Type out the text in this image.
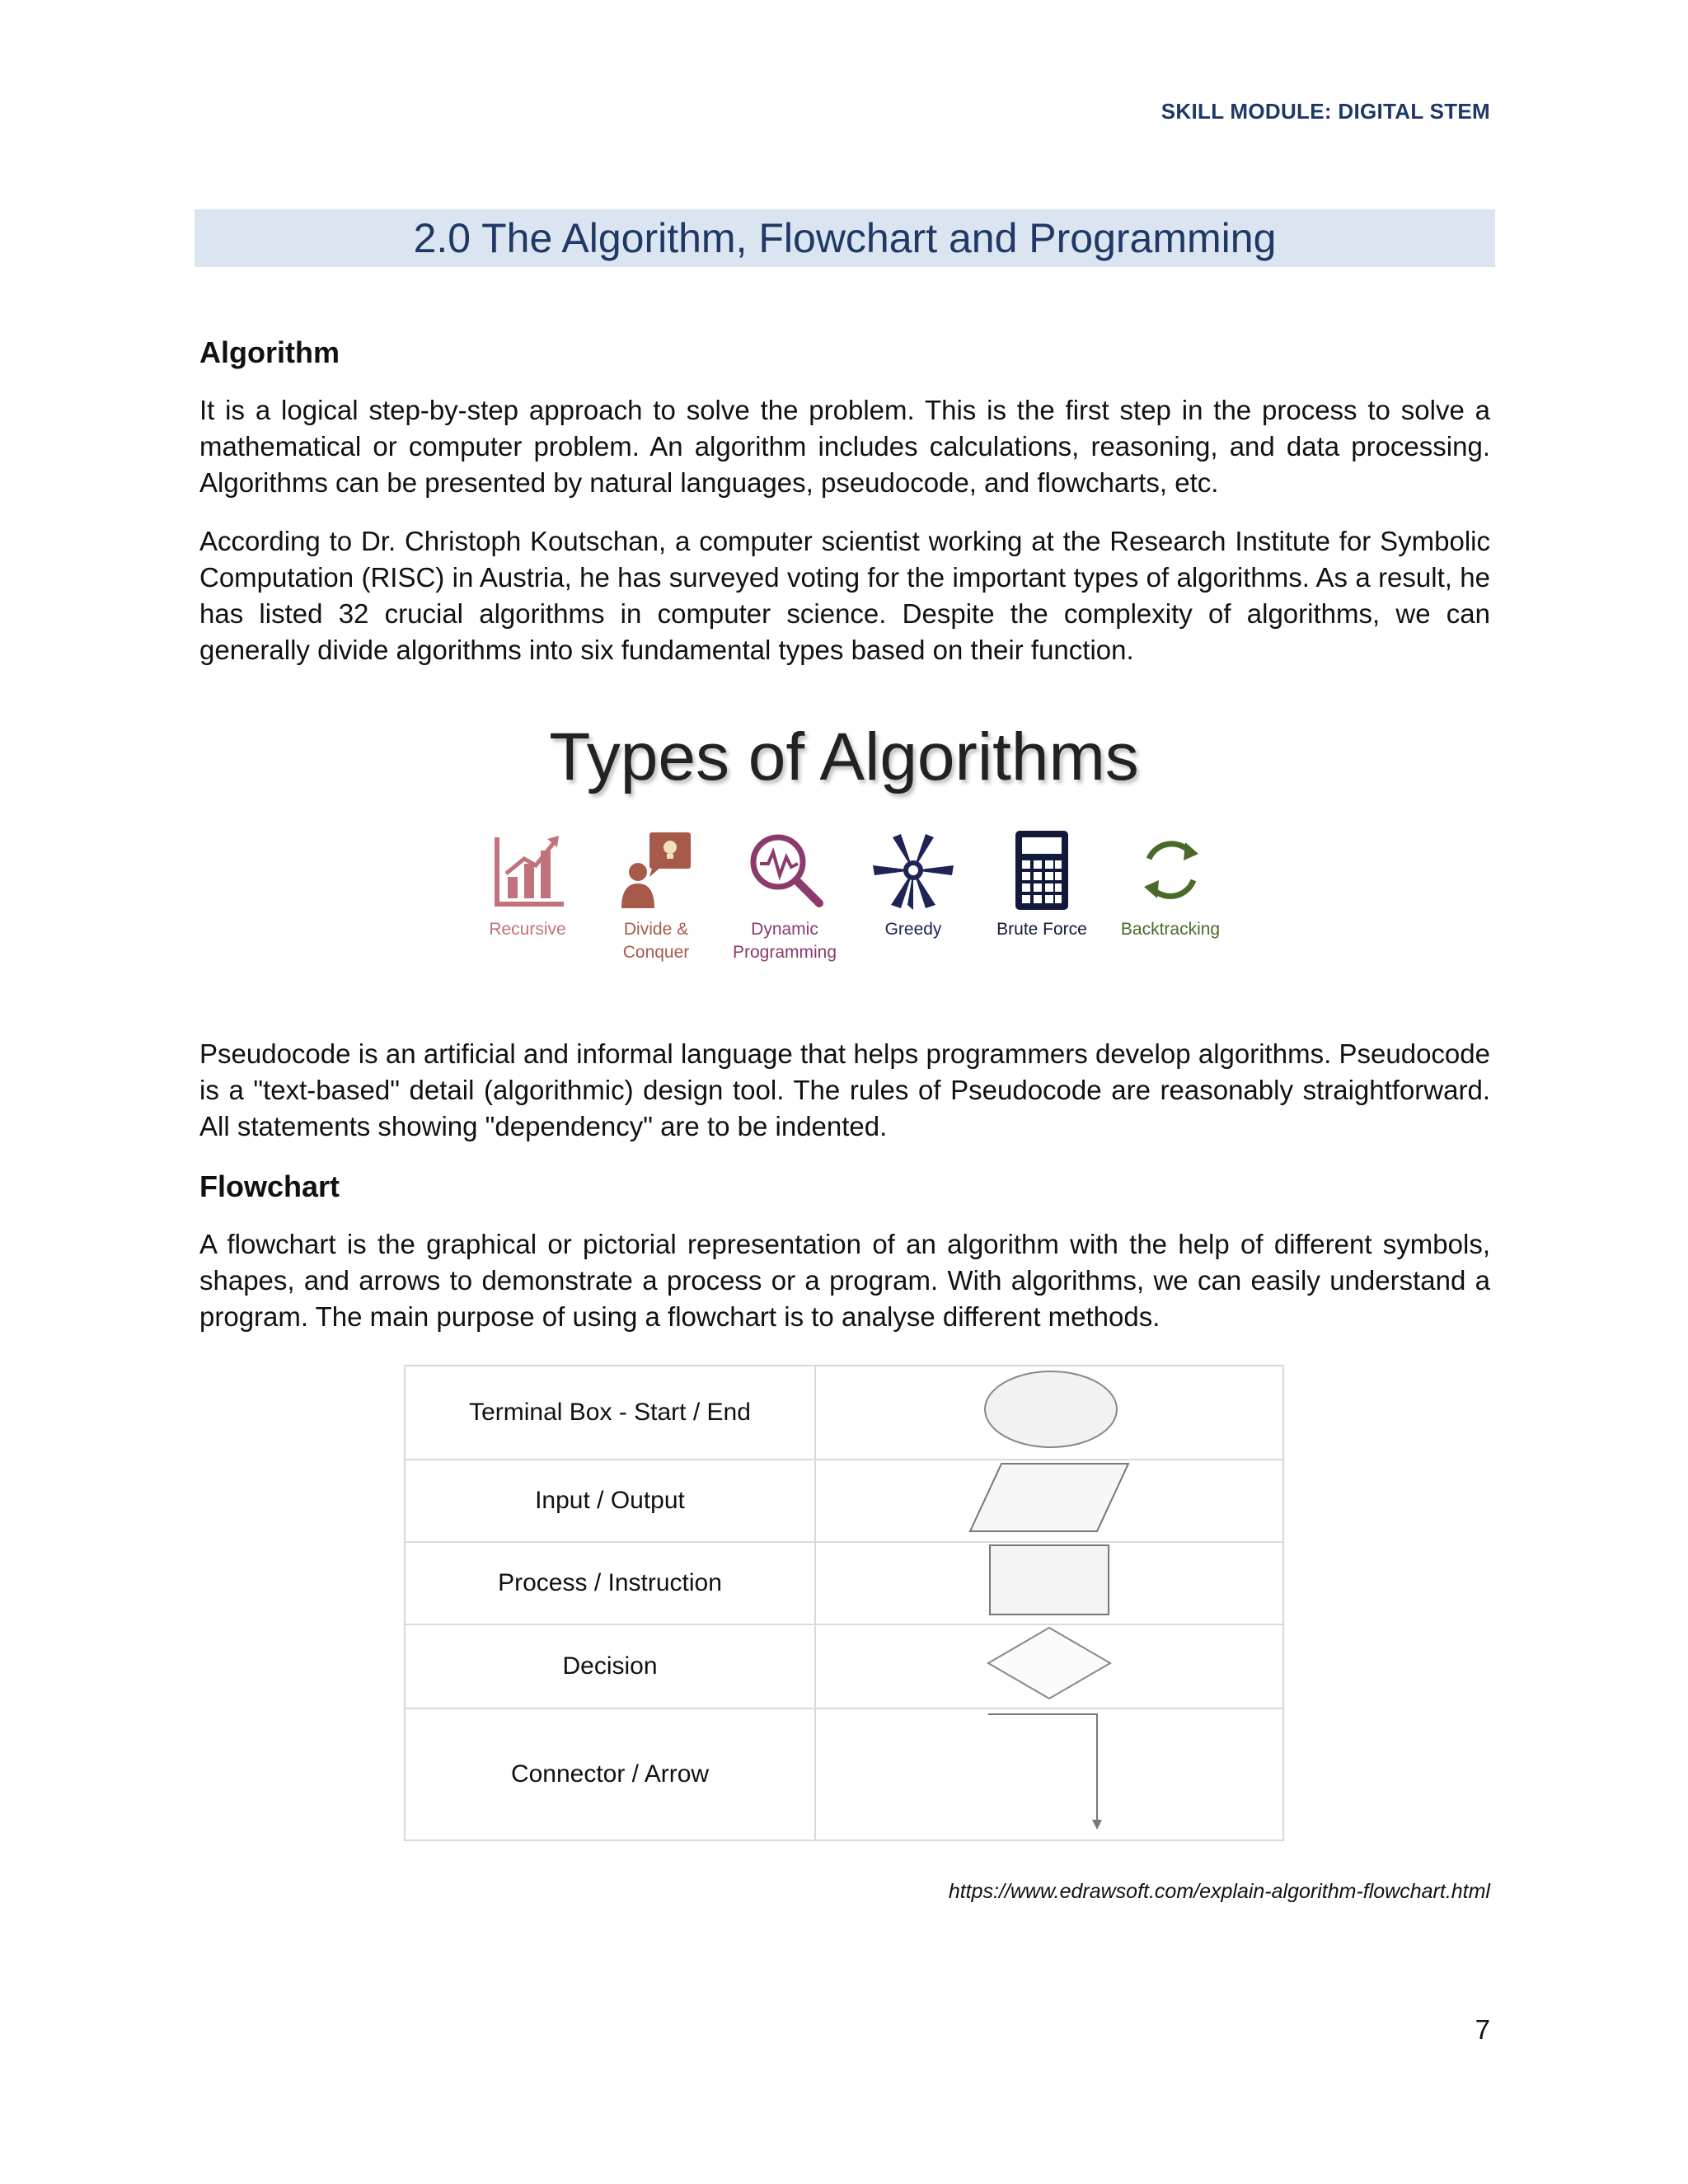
SKILL MODULE: DIGITAL STEM
2.0 The Algorithm, Flowchart and Programming
Algorithm

It is a logical step-by-step approach to solve the problem. This is the first step in the process to solve a mathematical or computer problem. An algorithm includes calculations, reasoning, and data processing. Algorithms can be presented by natural languages, pseudocode, and flowcharts, etc.

According to Dr. Christoph Koutschan, a computer scientist working at the Research Institute for Symbolic Computation (RISC) in Austria, he has surveyed voting for the important types of algorithms. As a result, he has listed 32 crucial algorithms in computer science. Despite the complexity of algorithms, we can generally divide algorithms into six fundamental types based on their function.

Types of Algorithms
Recursive	Divide &
Conquer
Dynamic
Programming
Greedy	Brute Force	Backtracking

Pseudocode is an artificial and informal language that helps programmers develop algorithms. Pseudocode is a "text-based" detail (algorithmic) design tool. The rules of Pseudocode are reasonably straightforward. All statements showing "dependency" are to be indented.

Flowchart

A flowchart is the graphical or pictorial representation of an algorithm with the help of different symbols, shapes, and arrows to demonstrate a process or a program. With algorithms, we can easily understand a program. The main purpose of using a flowchart is to analyse different methods.

Terminal Box - Start / End	
Input / Output	
Process / Instruction	
Decision	
Connector / Arrow	
https://www.edrawsoft.com/explain-algorithm-flowchart.html
7
